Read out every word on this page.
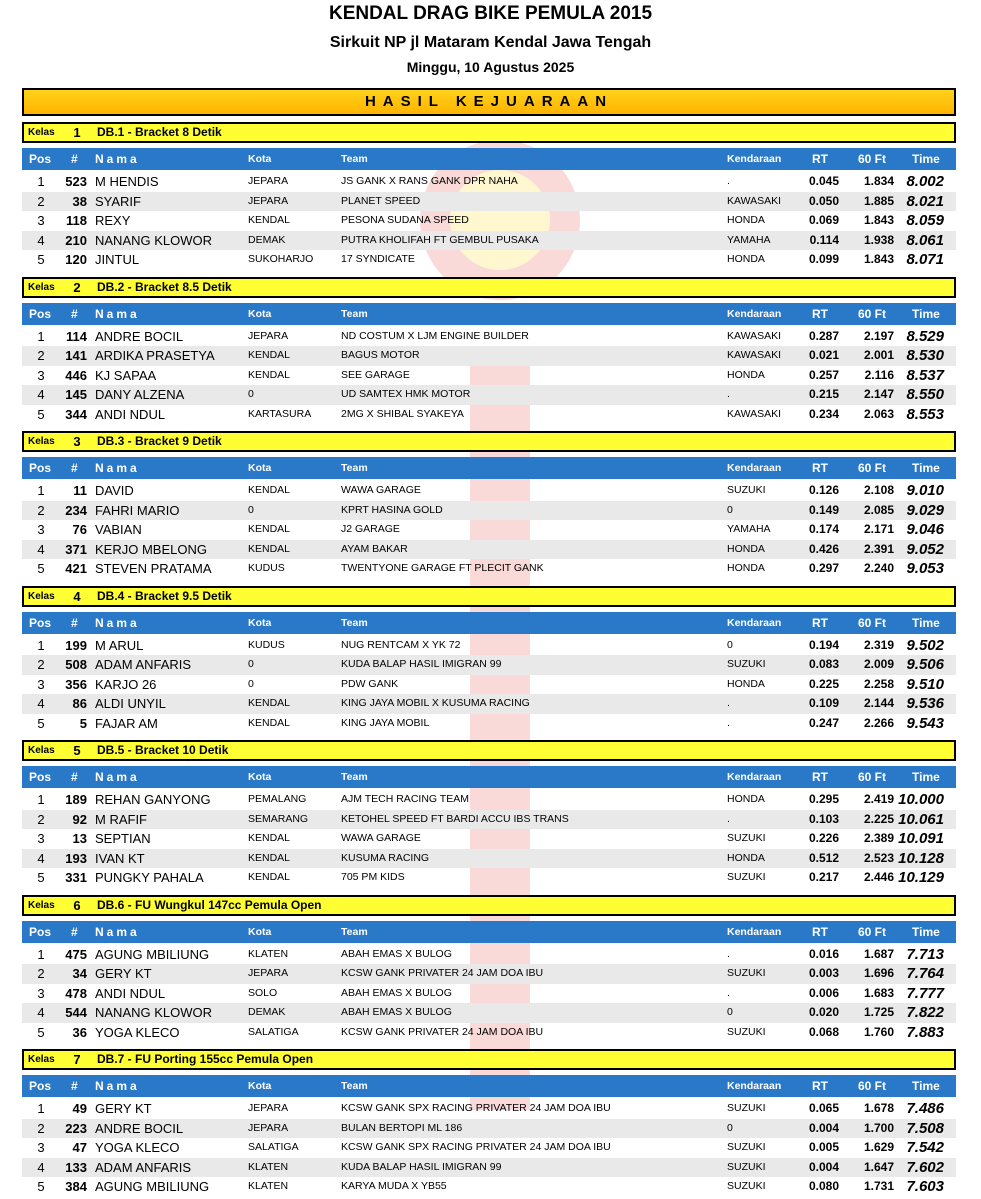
KENDAL DRAG BIKE PEMULA 2015
Sirkuit NP jl Mataram Kendal Jawa Tengah
Minggu, 10 Agustus 2025
HASIL KEJUARAAN
Kelas 1 DB.1 - Bracket 8 Detik
Pos	#	Nama	Kota	Team	Kendaraan	RT	60 Ft	Time
1	523 M HENDIS	JEPARA	JS GANK X RANS GANK DPR NAHA	.	0.045	1.834 8.002
2	38 SYARIF	JEPARA	PLANET SPEED	KAWASAKI	0.050	1.885 8.021
3	118 REXY	KENDAL	PESONA SUDANA SPEED	HONDA	0.069	1.843 8.059
4	210 NANANG KLOWOR	DEMAK	PUTRA KHOLIFAH FT GEMBUL PUSAKA	YAMAHA	0.114	1.938 8.061
5	120 JINTUL	SUKOHARJO	17 SYNDICATE	HONDA	0.099	1.843 8.071
Kelas 2 DB.2 - Bracket 8.5 Detik
Pos	#	Nama	Kota	Team	Kendaraan	RT	60 Ft	Time
1	114 ANDRE BOCIL	JEPARA	ND COSTUM X LJM ENGINE BUILDER	KAWASAKI	0.287	2.197 8.529
2	141 ARDIKA PRASETYA	KENDAL	BAGUS MOTOR	KAWASAKI	0.021	2.001 8.530
3	446 KJ SAPAA	KENDAL	SEE GARAGE	HONDA	0.257	2.116 8.537
4	145 DANY ALZENA	0	UD SAMTEX HMK MOTOR	.	0.215	2.147 8.550
5	344 ANDI NDUL	KARTASURA	2MG X SHIBAL SYAKEYA	KAWASAKI	0.234	2.063 8.553
Kelas 3 DB.3 - Bracket 9 Detik
Pos	#	Nama	Kota	Team	Kendaraan	RT	60 Ft	Time
1	11 DAVID	KENDAL	WAWA GARAGE	SUZUKI	0.126	2.108 9.010
2	234 FAHRI MARIO	0	KPRT HASINA GOLD	0	0.149	2.085 9.029
3	76 VABIAN	KENDAL	J2 GARAGE	YAMAHA	0.174	2.171 9.046
4	371 KERJO MBELONG	KENDAL	AYAM BAKAR	HONDA	0.426	2.391 9.052
5	421 STEVEN PRATAMA	KUDUS	TWENTYONE GARAGE FT PLECIT GANK	HONDA	0.297	2.240 9.053
Kelas 4 DB.4 - Bracket 9.5 Detik
Pos	#	Nama	Kota	Team	Kendaraan	RT	60 Ft	Time
1	199 M ARUL	KUDUS	NUG RENTCAM X YK 72	0	0.194	2.319 9.502
2	508 ADAM ANFARIS	0	KUDA BALAP HASIL IMIGRAN 99	SUZUKI	0.083	2.009 9.506
3	356 KARJO 26	0	PDW GANK	HONDA	0.225	2.258 9.510
4	86 ALDI UNYIL	KENDAL	KING JAYA MOBIL X KUSUMA RACING	.	0.109	2.144 9.536
5	5 FAJAR AM	KENDAL	KING JAYA MOBIL	.	0.247	2.266 9.543
Kelas 5 DB.5 - Bracket 10 Detik
Pos	#	Nama	Kota	Team	Kendaraan	RT	60 Ft	Time
1	189 REHAN GANYONG	PEMALANG	AJM TECH RACING TEAM	HONDA	0.295	2.419 10.000
2	92 M RAFIF	SEMARANG	KETOHEL SPEED FT BARDI ACCU IBS TRANS	.	0.103	2.225 10.061
3	13 SEPTIAN	KENDAL	WAWA GARAGE	SUZUKI	0.226	2.389 10.091
4	193 IVAN KT	KENDAL	KUSUMA RACING	HONDA	0.512	2.523 10.128
5	331 PUNGKY PAHALA	KENDAL	705 PM KIDS	SUZUKI	0.217	2.446 10.129
Kelas 6 DB.6 - FU Wungkul 147cc Pemula Open
Pos	#	Nama	Kota	Team	Kendaraan	RT	60 Ft	Time
1	475 AGUNG MBILIUNG	KLATEN	ABAH EMAS X BULOG	.	0.016	1.687 7.713
2	34 GERY KT	JEPARA	KCSW GANK PRIVATER 24 JAM DOA IBU	SUZUKI	0.003	1.696 7.764
3	478 ANDI NDUL	SOLO	ABAH EMAS X BULOG	.	0.006	1.683 7.777
4	544 NANANG KLOWOR	DEMAK	ABAH EMAS X BULOG	0	0.020	1.725 7.822
5	36 YOGA KLECO	SALATIGA	KCSW GANK PRIVATER 24 JAM DOA IBU	SUZUKI	0.068	1.760 7.883
Kelas 7 DB.7 - FU Porting 155cc Pemula Open
Pos	#	Nama	Kota	Team	Kendaraan	RT	60 Ft	Time
1	49 GERY KT	JEPARA	KCSW GANK SPX RACING PRIVATER 24 JAM DOA IBU	SUZUKI	0.065	1.678 7.486
2	223 ANDRE BOCIL	JEPARA	BULAN BERTOPI ML 186	0	0.004	1.700 7.508
3	47 YOGA KLECO	SALATIGA	KCSW GANK SPX RACING PRIVATER 24 JAM DOA IBU	SUZUKI	0.005	1.629 7.542
4	133 ADAM ANFARIS	KLATEN	KUDA BALAP HASIL IMIGRAN 99	SUZUKI	0.004	1.647 7.602
5	384 AGUNG MBILIUNG	KLATEN	KARYA MUDA X YB55	SUZUKI	0.080	1.731 7.603
